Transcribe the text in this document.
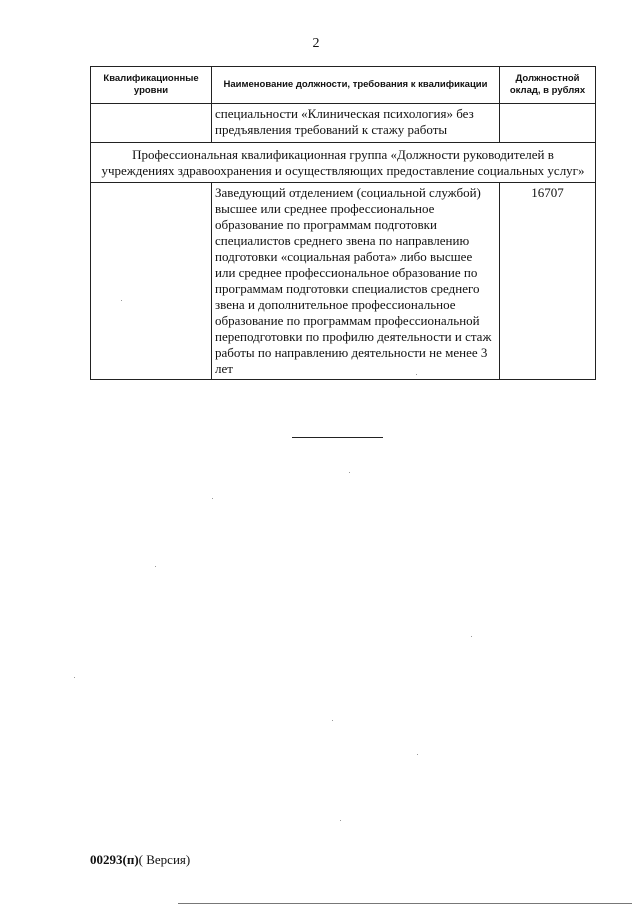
2
Квалификационные уровни	Наименование должности, требования к квалификации	Должностной оклад, в рублях

	специальности «Клиническая психология» без предъявления требований к стажу работы	
Профессиональная квалификационная группа «Должности руководителей в учреждениях здравоохранения и осуществляющих предоставление социальных услуг»		
	Заведующий отделением (социальной службой) высшее или среднее профессиональное образование по программам подготовки специалистов среднего звена по направлению подготовки «социальная работа» либо высшее или среднее профессиональное образование по программам подготовки специалистов среднего звена и дополнительное профессиональное образование по программам профессиональной переподготовки по профилю деятельности и стаж работы по направлению деятельности не менее 3 лет	16707
00293(п)( Версия)
